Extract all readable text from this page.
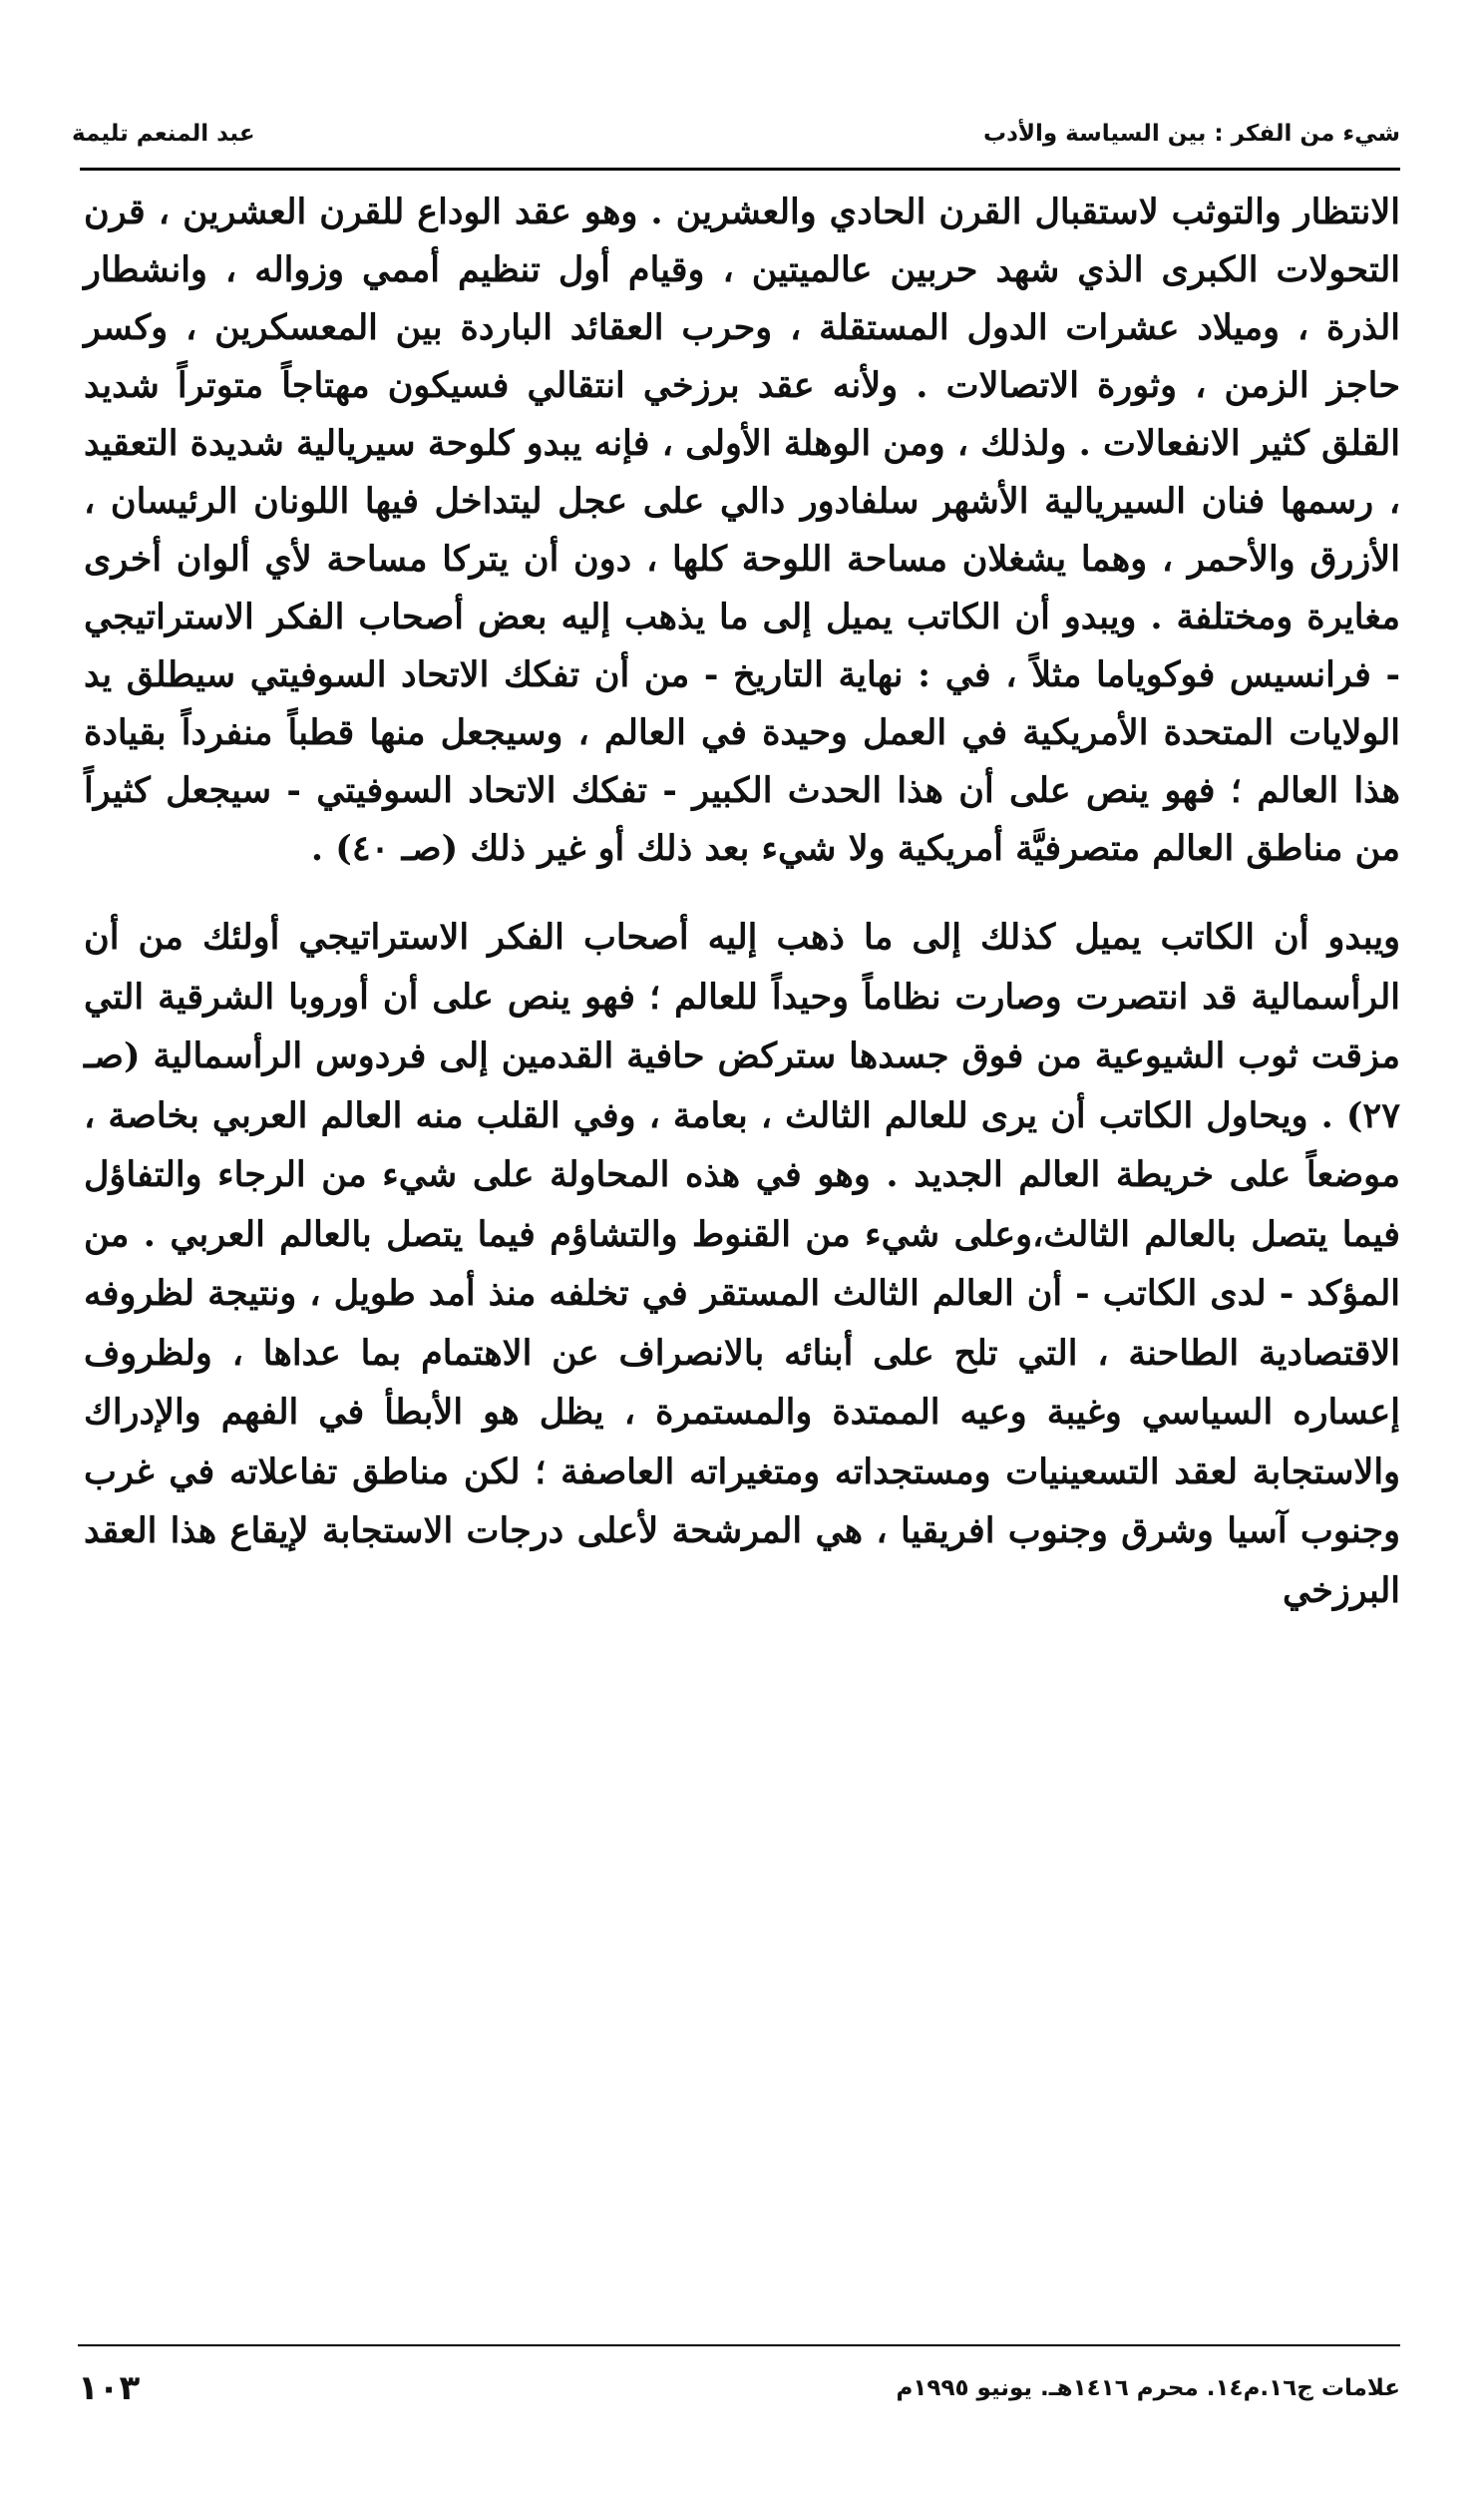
شيء من الفكر : بين السياسة والأدب
عبد المنعم تليمة

الانتظار والتوثب لاستقبال القرن الحادي والعشرين . وهو عقد الوداع للقرن العشرين ، قرن التحولات الكبرى الذي شهد حربين عالميتين ، وقيام أول تنظيم أممي وزواله ، وانشطار الذرة ، وميلاد عشرات الدول المستقلة ، وحرب العقائد الباردة بين المعسكرين ، وكسر حاجز الزمن ، وثورة الاتصالات . ولأنه عقد برزخي انتقالي فسيكون مهتاجاً متوتراً شديد القلق كثير الانفعالات . ولذلك ، ومن الوهلة الأولى ، فإنه يبدو كلوحة سيريالية شديدة التعقيد ، رسمها فنان السيريالية الأشهر سلفادور دالي على عجل ليتداخل فيها اللونان الرئيسان ، الأزرق والأحمر ، وهما يشغلان مساحة اللوحة كلها ، دون أن يتركا مساحة لأي ألوان أخرى مغايرة ومختلفة . ويبدو أن الكاتب يميل إلى ما يذهب إليه بعض أصحاب الفكر الاستراتيجي - فرانسيس فوكوياما مثلاً ، في : نهاية التاريخ - من أن تفكك الاتحاد السوفيتي سيطلق يد الولايات المتحدة الأمريكية في العمل وحيدة في العالم ، وسيجعل منها قطباً منفرداً بقيادة هذا العالم ؛ فهو ينص على أن هذا الحدث الكبير - تفكك الاتحاد السوفيتي - سيجعل كثيراً من مناطق العالم متصرفيَّة أمريكية ولا شيء بعد ذلك أو غير ذلك (صـ ٤٠) .

ويبدو أن الكاتب يميل كذلك إلى ما ذهب إليه أصحاب الفكر الاستراتيجي أولئك من أن الرأسمالية قد انتصرت وصارت نظاماً وحيداً للعالم ؛ فهو ينص على أن أوروبا الشرقية التي مزقت ثوب الشيوعية من فوق جسدها ستركض حافية القدمين إلى فردوس الرأسمالية (صـ ٢٧) . ويحاول الكاتب أن يرى للعالم الثالث ، بعامة ، وفي القلب منه العالم العربي بخاصة ، موضعاً على خريطة العالم الجديد . وهو في هذه المحاولة على شيء من الرجاء والتفاؤل فيما يتصل بالعالم الثالث،وعلى شيء من القنوط والتشاؤم فيما يتصل بالعالم العربي . من المؤكد - لدى الكاتب - أن العالم الثالث المستقر في تخلفه منذ أمد طويل ، ونتيجة لظروفه الاقتصادية الطاحنة ، التي تلح على أبنائه بالانصراف عن الاهتمام بما عداها ، ولظروف إعساره السياسي وغيبة وعيه الممتدة والمستمرة ، يظل هو الأبطأ في الفهم والإدراك والاستجابة لعقد التسعينيات ومستجداته ومتغيراته العاصفة ؛ لكن مناطق تفاعلاته في غرب وجنوب آسيا وشرق وجنوب افريقيا ، هي المرشحة لأعلى درجات الاستجابة لإيقاع هذا العقد البرزخي

علامات ج١٦.م١٤. محرم ١٤١٦هـ. يونيو ١٩٩٥م
١٠٣
